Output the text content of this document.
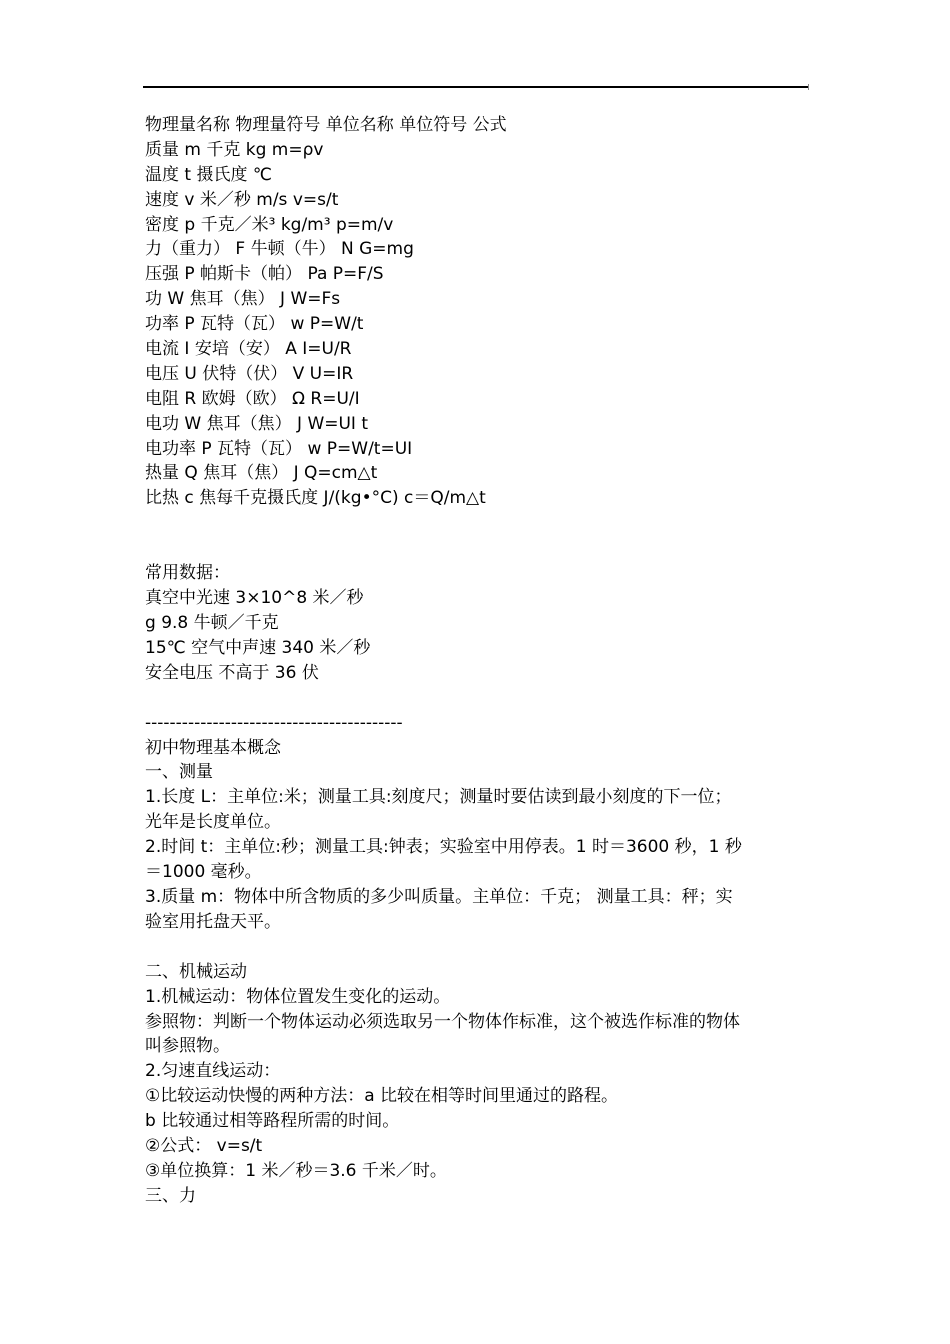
物理量名称 物理量符号 单位名称 单位符号 公式
质量 m 千克 kg m=ρv
温度 t 摄氏度 ℃
速度 v 米／秒 m/s v=s/t
密度 p 千克／米³ kg/m³ p=m/v
力（重力） F 牛顿（牛） N G=mg
压强 P 帕斯卡（帕） Pa P=F/S
功 W 焦耳（焦） J W=Fs
功率 P 瓦特（瓦） w P=W/t
电流 I 安培（安） A I=U/R
电压 U 伏特（伏） V U=IR
电阻 R 欧姆（欧） Ω R=U/I
电功 W 焦耳（焦） J W=UI t
电功率 P 瓦特（瓦） w P=W/t=UI
热量 Q 焦耳（焦） J Q=cm△t
比热 c 焦每千克摄氏度 J/(kg•°C) c＝Q/m△t
常用数据：
真空中光速 3×10^8 米／秒
g 9.8 牛顿／千克
15℃ 空气中声速 340 米／秒
安全电压 不高于 36 伏
------------------------------------------
初中物理基本概念
一、测量
1.长度 L：主单位:米；测量工具:刻度尺；测量时要估读到最小刻度的下一位；
光年是长度单位。
2.时间 t：主单位:秒；测量工具:钟表；实验室中用停表。1 时＝3600 秒，1 秒
＝1000 毫秒。
3.质量 m：物体中所含物质的多少叫质量。主单位：千克； 测量工具：秤；实
验室用托盘天平。
二、机械运动
1.机械运动：物体位置发生变化的运动。
参照物：判断一个物体运动必须选取另一个物体作标准，这个被选作标准的物体
叫参照物。
2.匀速直线运动：
①比较运动快慢的两种方法：a 比较在相等时间里通过的路程。
b 比较通过相等路程所需的时间。
②公式： v=s/t
③单位换算：1 米／秒＝3.6 千米／时。
三、力
